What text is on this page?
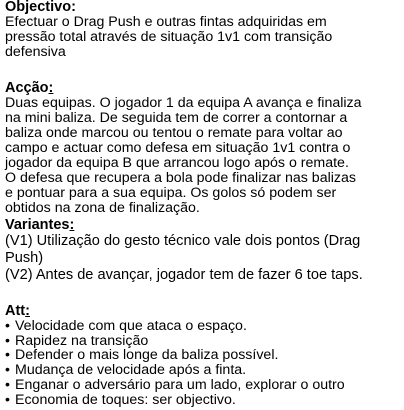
Objectivo:

Efectuar o Drag Push e outras fintas adquiridas em
pressão total através de situação 1v1 com transição
defensiva

Acção:

Duas equipas. O jogador 1 da equipa A avança e finaliza
na mini baliza. De seguida tem de correr a contornar a
baliza onde marcou ou tentou o remate para voltar ao
campo e actuar como defesa em situação 1v1 contra o
jogador da equipa B que arrancou logo após o remate.
O defesa que recupera a bola pode finalizar nas balizas
e pontuar para a sua equipa. Os golos só podem ser
obtidos na zona de finalização.

Variantes:

(V1) Utilização do gesto técnico vale dois pontos (Drag
Push)
(V2) Antes de avançar, jogador tem de fazer 6 toe taps.

Att:

• Velocidade com que ataca o espaço.
• Rapidez na transição
• Defender o mais longe da baliza possível.
• Mudança de velocidade após a finta.
• Enganar o adversário para um lado, explorar o outro
• Economia de toques: ser objectivo.
